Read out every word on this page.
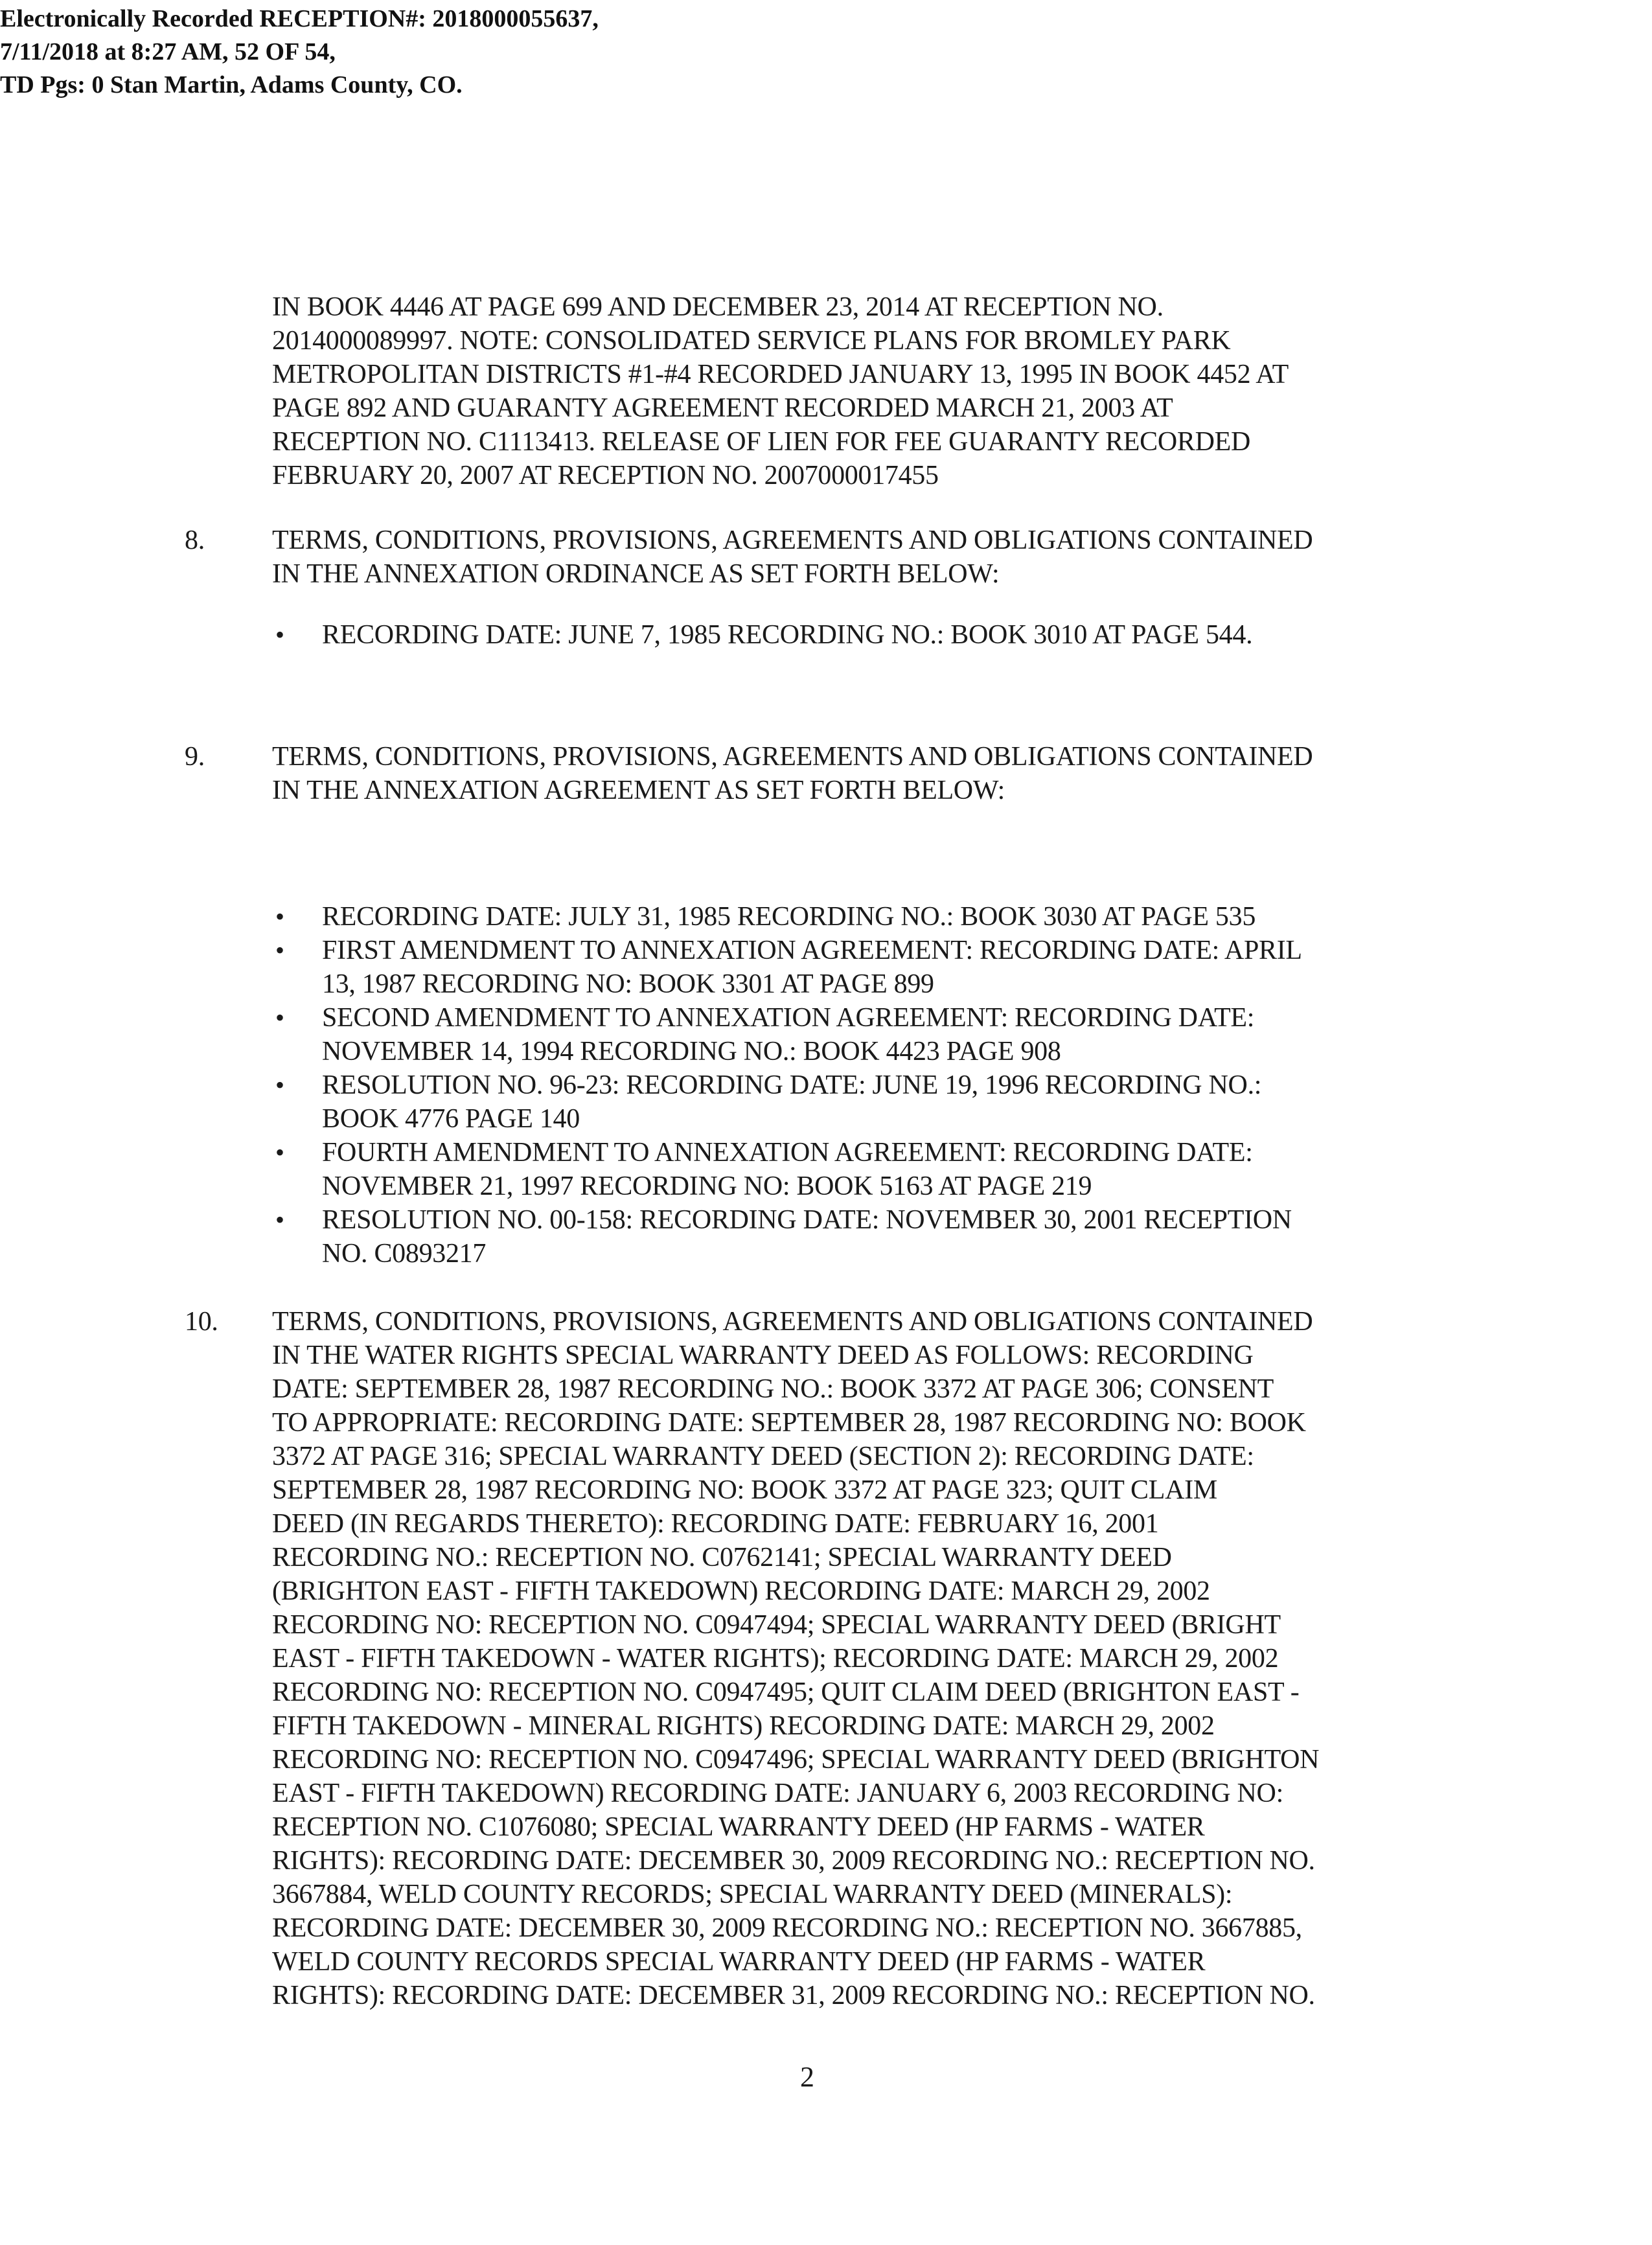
Electronically Recorded RECEPTION#: 2018000055637,
7/11/2018 at 8:27 AM, 52 OF 54,
TD Pgs: 0 Stan Martin, Adams County, CO.
IN BOOK 4446 AT PAGE 699 AND DECEMBER 23, 2014 AT RECEPTION NO.
2014000089997. NOTE: CONSOLIDATED SERVICE PLANS FOR BROMLEY PARK
METROPOLITAN DISTRICTS #1-#4 RECORDED JANUARY 13, 1995 IN BOOK 4452 AT
PAGE 892 AND GUARANTY AGREEMENT RECORDED MARCH 21, 2003 AT
RECEPTION NO. C1113413. RELEASE OF LIEN FOR FEE GUARANTY RECORDED
FEBRUARY 20, 2007 AT RECEPTION NO. 2007000017455
8.	TERMS, CONDITIONS, PROVISIONS, AGREEMENTS AND OBLIGATIONS CONTAINED
IN THE ANNEXATION ORDINANCE AS SET FORTH BELOW:
• RECORDING DATE: JUNE 7, 1985 RECORDING NO.: BOOK 3010 AT PAGE 544.
9.	TERMS, CONDITIONS, PROVISIONS, AGREEMENTS AND OBLIGATIONS CONTAINED
IN THE ANNEXATION AGREEMENT AS SET FORTH BELOW:
• RECORDING DATE: JULY 31, 1985 RECORDING NO.: BOOK 3030 AT PAGE 535
• FIRST AMENDMENT TO ANNEXATION AGREEMENT: RECORDING DATE: APRIL
13, 1987 RECORDING NO: BOOK 3301 AT PAGE 899
• SECOND AMENDMENT TO ANNEXATION AGREEMENT: RECORDING DATE:
NOVEMBER 14, 1994 RECORDING NO.: BOOK 4423 PAGE 908
• RESOLUTION NO. 96-23: RECORDING DATE: JUNE 19, 1996 RECORDING NO.:
BOOK 4776 PAGE 140
• FOURTH AMENDMENT TO ANNEXATION AGREEMENT: RECORDING DATE:
NOVEMBER 21, 1997 RECORDING NO: BOOK 5163 AT PAGE 219
• RESOLUTION NO. 00-158: RECORDING DATE: NOVEMBER 30, 2001 RECEPTION
NO. C0893217
10.	TERMS, CONDITIONS, PROVISIONS, AGREEMENTS AND OBLIGATIONS CONTAINED
IN THE WATER RIGHTS SPECIAL WARRANTY DEED AS FOLLOWS: RECORDING
DATE: SEPTEMBER 28, 1987 RECORDING NO.: BOOK 3372 AT PAGE 306; CONSENT
TO APPROPRIATE: RECORDING DATE: SEPTEMBER 28, 1987 RECORDING NO: BOOK
3372 AT PAGE 316; SPECIAL WARRANTY DEED (SECTION 2): RECORDING DATE:
SEPTEMBER 28, 1987 RECORDING NO: BOOK 3372 AT PAGE 323; QUIT CLAIM
DEED (IN REGARDS THERETO): RECORDING DATE: FEBRUARY 16, 2001
RECORDING NO.: RECEPTION NO. C0762141; SPECIAL WARRANTY DEED
(BRIGHTON EAST - FIFTH TAKEDOWN) RECORDING DATE: MARCH 29, 2002
RECORDING NO: RECEPTION NO. C0947494; SPECIAL WARRANTY DEED (BRIGHT
EAST - FIFTH TAKEDOWN - WATER RIGHTS); RECORDING DATE: MARCH 29, 2002
RECORDING NO: RECEPTION NO. C0947495; QUIT CLAIM DEED (BRIGHTON EAST -
FIFTH TAKEDOWN - MINERAL RIGHTS) RECORDING DATE: MARCH 29, 2002
RECORDING NO: RECEPTION NO. C0947496; SPECIAL WARRANTY DEED (BRIGHTON
EAST - FIFTH TAKEDOWN) RECORDING DATE: JANUARY 6, 2003 RECORDING NO:
RECEPTION NO. C1076080; SPECIAL WARRANTY DEED (HP FARMS - WATER
RIGHTS): RECORDING DATE: DECEMBER 30, 2009 RECORDING NO.: RECEPTION NO.
3667884, WELD COUNTY RECORDS; SPECIAL WARRANTY DEED (MINERALS):
RECORDING DATE: DECEMBER 30, 2009 RECORDING NO.: RECEPTION NO. 3667885,
WELD COUNTY RECORDS SPECIAL WARRANTY DEED (HP FARMS - WATER
RIGHTS): RECORDING DATE: DECEMBER 31, 2009 RECORDING NO.: RECEPTION NO.
2
